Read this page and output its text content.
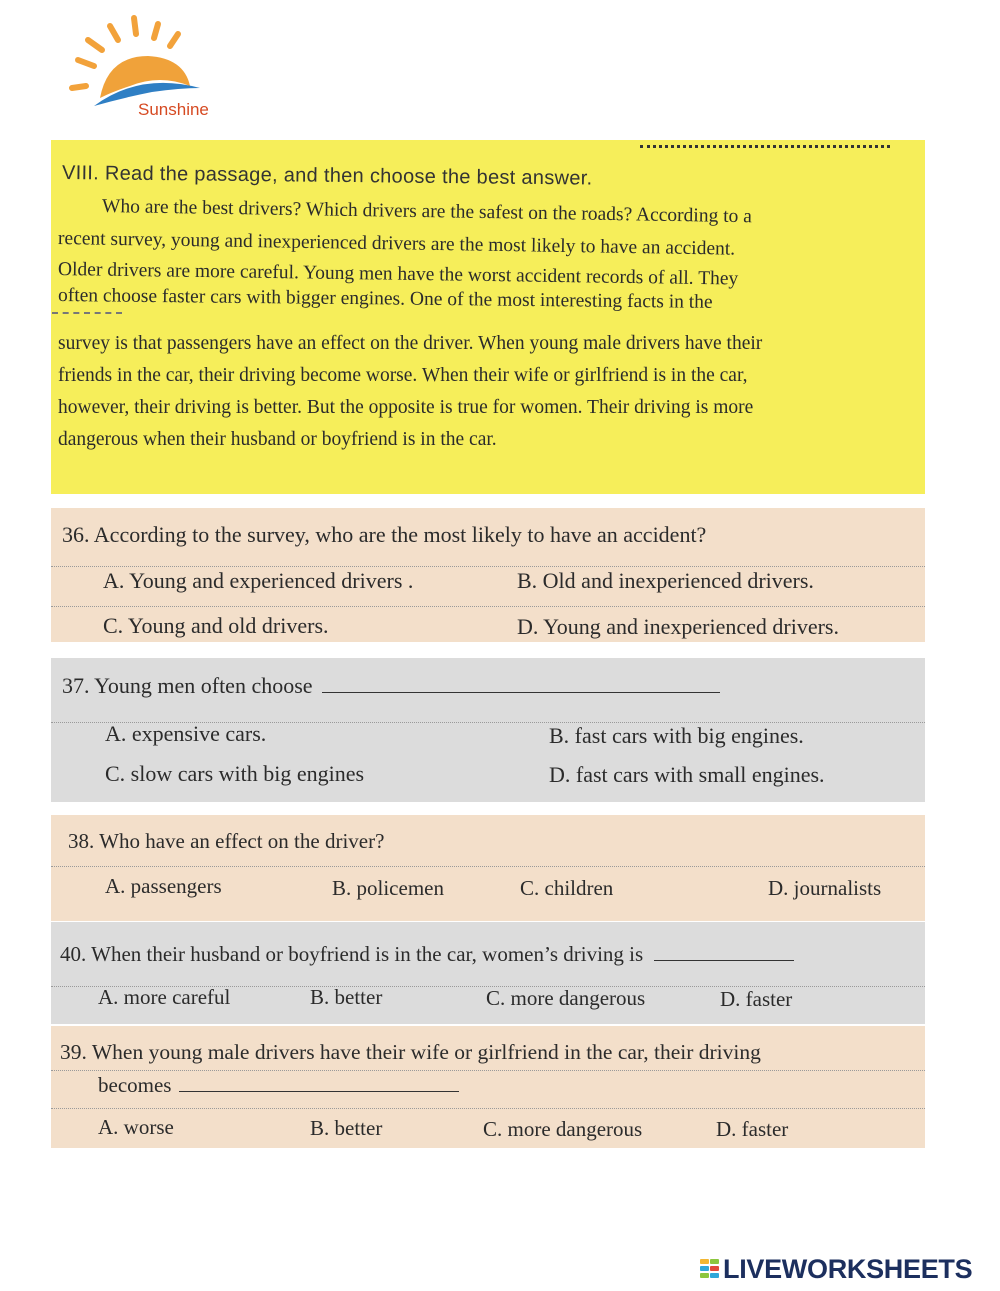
Sunshine
VIII. Read the passage, and then choose the best answer.
Who are the best drivers? Which drivers are the safest on the roads? According to a
recent survey, young and inexperienced drivers are the most likely to have an accident.
Older drivers are more careful. Young men have the worst accident records of all. They
often choose faster cars with bigger engines. One of the most interesting facts in the
survey is that passengers have an effect on the driver. When young male drivers have their
friends in the car, their driving become worse. When their wife or girlfriend is in the car,
however, their driving is better. But the opposite is true for women. Their driving is more
dangerous when their husband or boyfriend is in the car.
36. According to the survey, who are the most likely to have an accident?
A. Young and experienced drivers .	B. Old and inexperienced drivers.
C. Young and old drivers.	D. Young and inexperienced drivers.
37. Young men often choose
A. expensive cars.	B. fast cars with big engines.
C. slow cars with big engines	D. fast cars with small engines.
38. Who have an effect on the driver?
A. passengers	B. policemen	C. children	D. journalists
40. When their husband or boyfriend is in the car, women’s driving is
A. more careful	B. better	C. more dangerous	D. faster
39. When young male drivers have their wife or girlfriend in the car, their driving
becomes
A. worse	B. better	C. more dangerous	D. faster
LIVEWORKSHEETS
